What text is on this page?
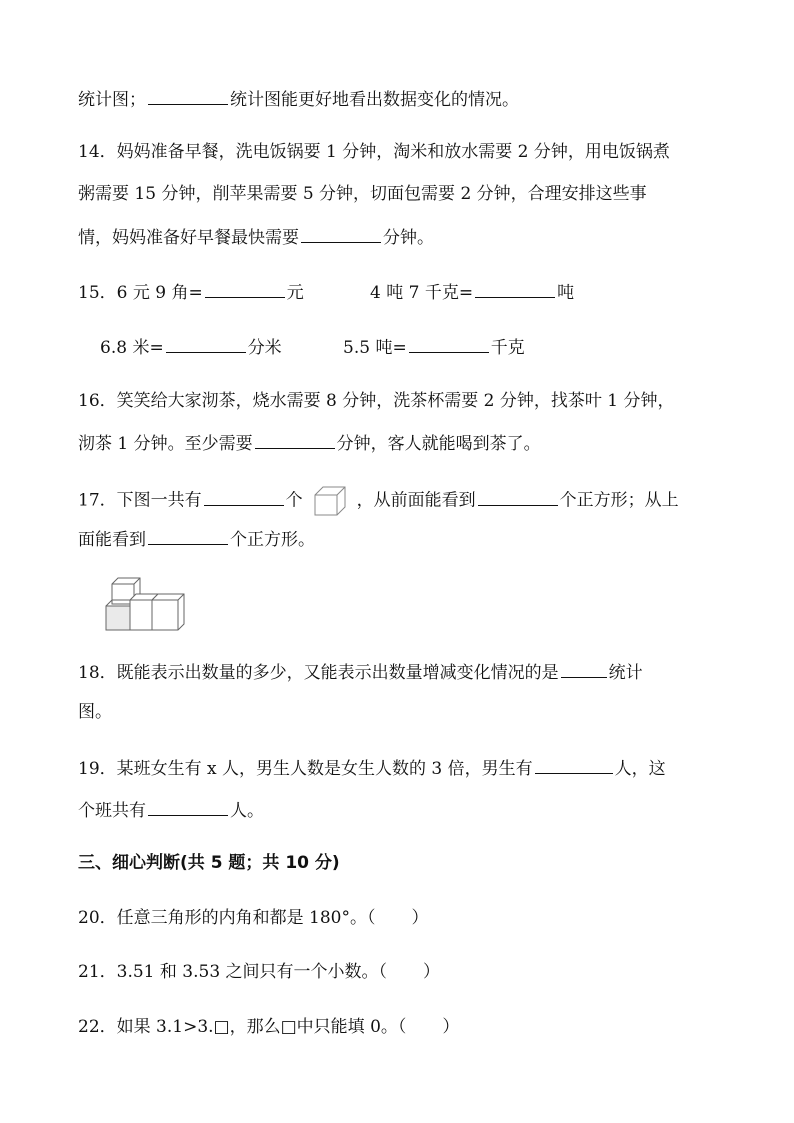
统计图；	统计图能更好地看出数据变化的情况。
14．妈妈准备早餐，洗电饭锅要 1 分钟，淘米和放水需要 2 分钟，用电饭锅煮
粥需要 15 分钟，削苹果需要 5 分钟，切面包需要 2 分钟，合理安排这些事
情，妈妈准备好早餐最快需要	分钟。
15．6 元 9 角=	元	4 吨 7 千克=	吨
6.8 米=	分米	5.5 吨=	千克
16．笑笑给大家沏茶，烧水需要 8 分钟，洗茶杯需要 2 分钟，找茶叶 1 分钟，
沏茶 1 分钟。至少需要	分钟，客人就能喝到茶了。
17．下图一共有	个	，从前面能看到	个正方形；从上
面能看到	个正方形。
18．既能表示出数量的多少，又能表示出数量增减变化情况的是	统计
图。
19．某班女生有 x 人，男生人数是女生人数的 3 倍，男生有	人，这
个班共有	人。
三、细心判断(共 5 题；共 10 分)
20．任意三角形的内角和都是 180°。（ ）
21．3.51 和 3.53 之间只有一个小数。（ ）
22．如果 3.1>3.□，那么□中只能填 0。（ ）
